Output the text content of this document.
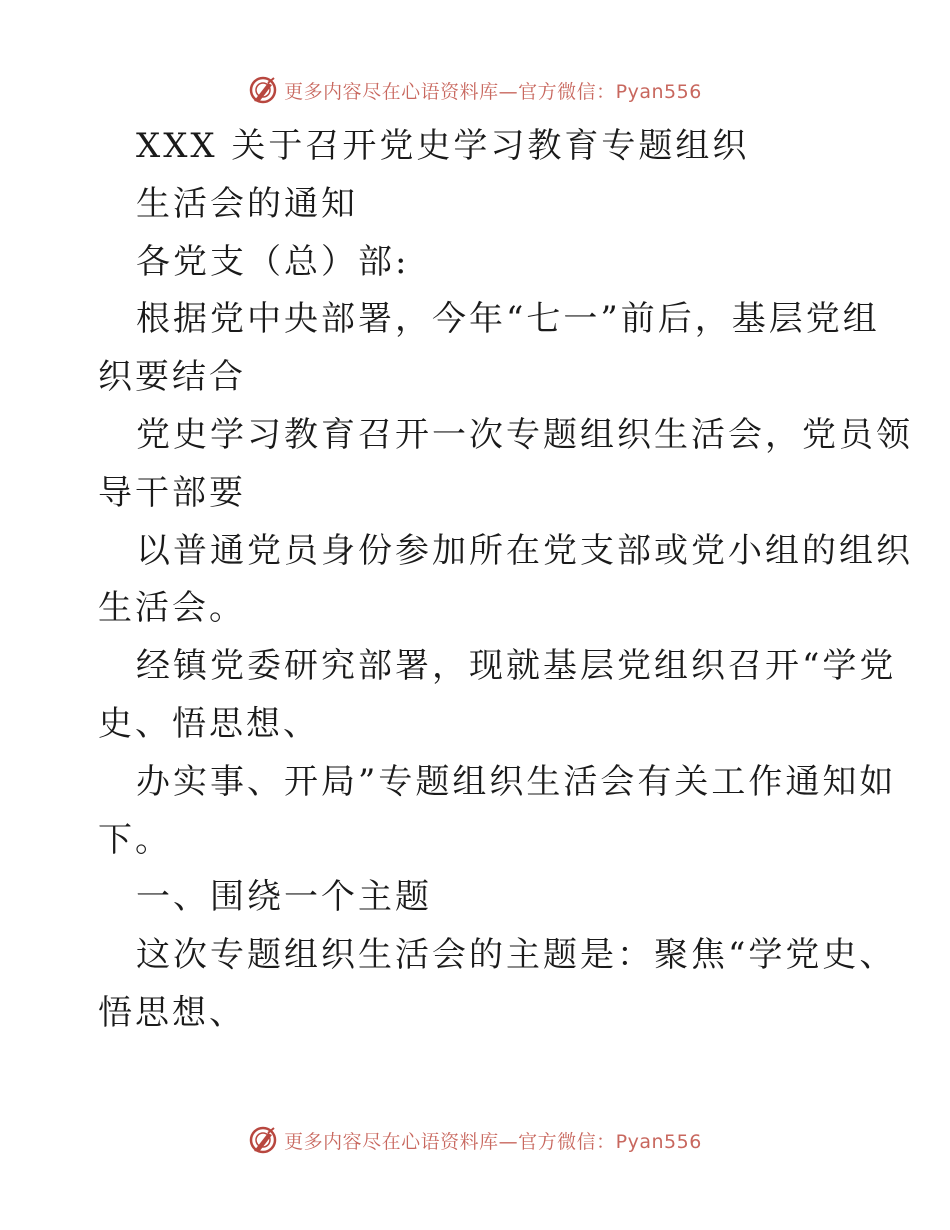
更多内容尽在心语资料库—官方微信：Pyan556

XXX 关于召开党史学习教育专题组织

生活会的通知

各党支（总）部:

根据党中央部署，今年“七一”前后，基层党组

织要结合

党史学习教育召开一次专题组织生活会，党员领

导干部要

以普通党员身份参加所在党支部或党小组的组织

生活会。

经镇党委研究部署，现就基层党组织召开“学党

史、悟思想、

办实事、开局”专题组织生活会有关工作通知如

下。

一、围绕一个主题

这次专题组织生活会的主题是：聚焦“学党史、

悟思想、

更多内容尽在心语资料库—官方微信：Pyan556
